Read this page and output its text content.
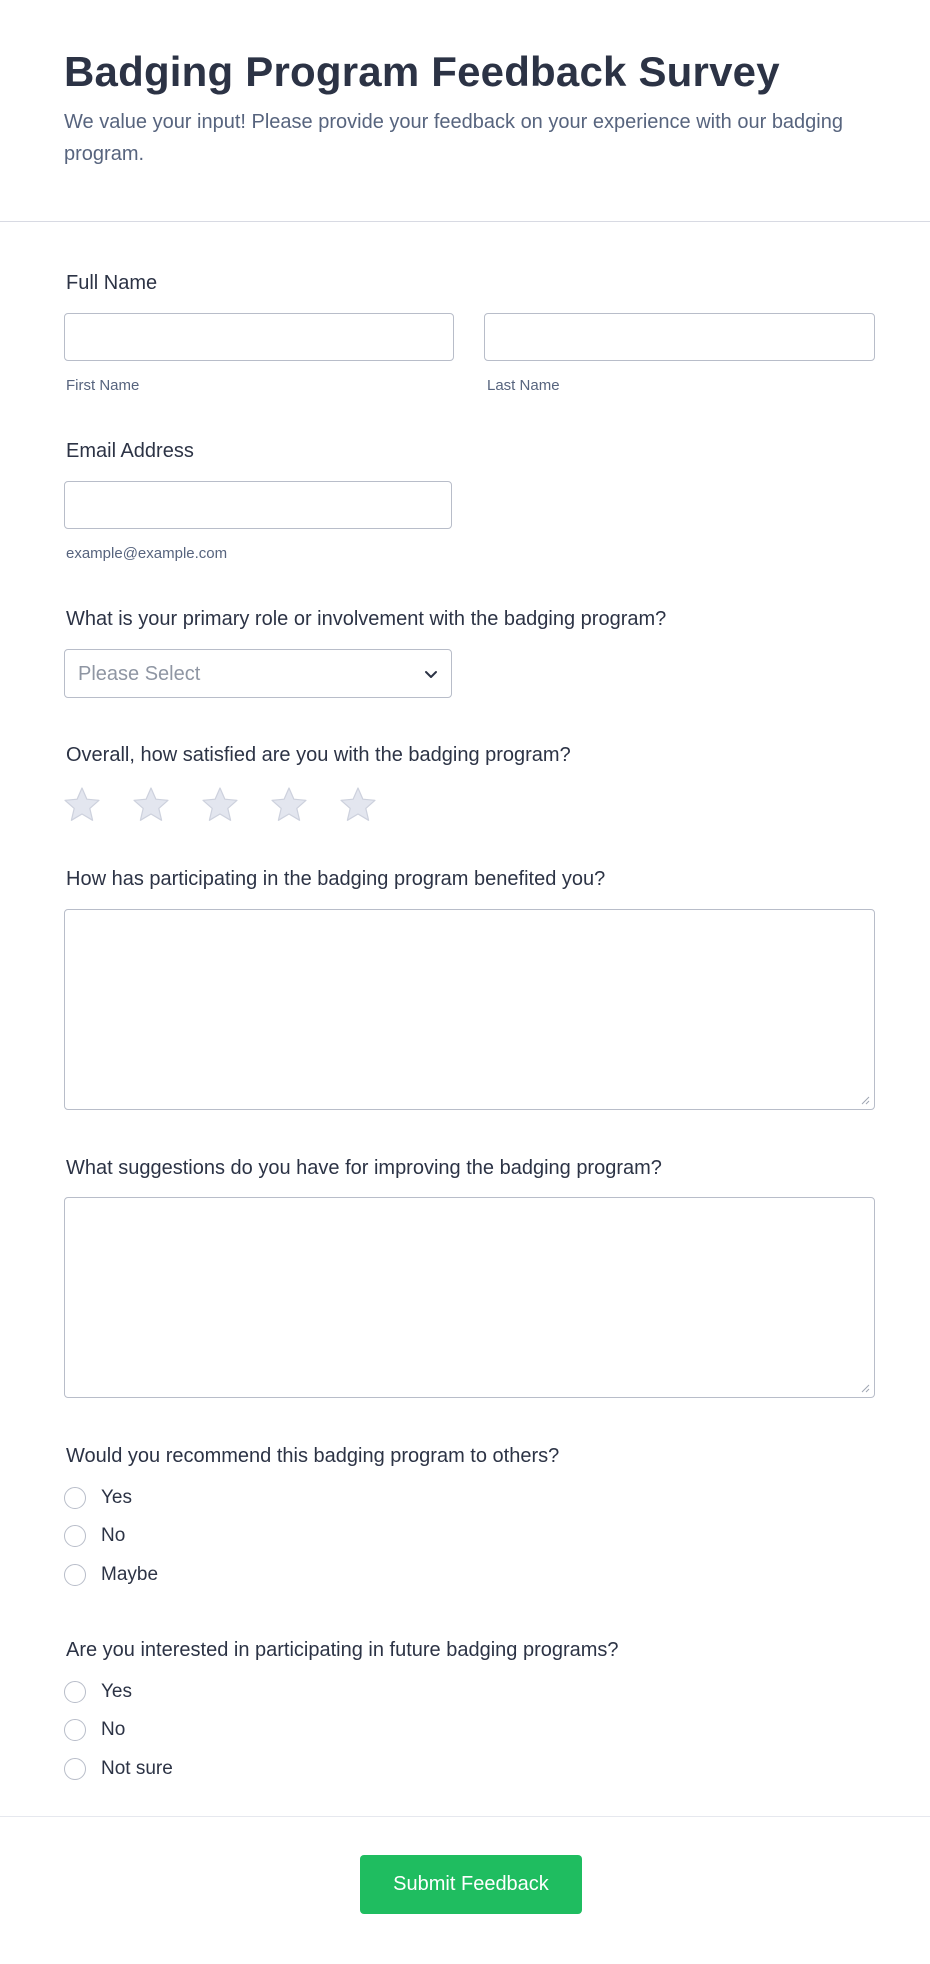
Badging Program Feedback Survey

We value your input! Please provide your feedback on your experience with our badging program.

Full Name
First Name	Last Name
Email Address
example@example.com
What is your primary role or involvement with the badging program?
Please Select
Overall, how satisfied are you with the badging program?
How has participating in the badging program benefited you?
What suggestions do you have for improving the badging program?
Would you recommend this badging program to others?
Yes
No
Maybe
Are you interested in participating in future badging programs?
Yes
No
Not sure
Submit Feedback
